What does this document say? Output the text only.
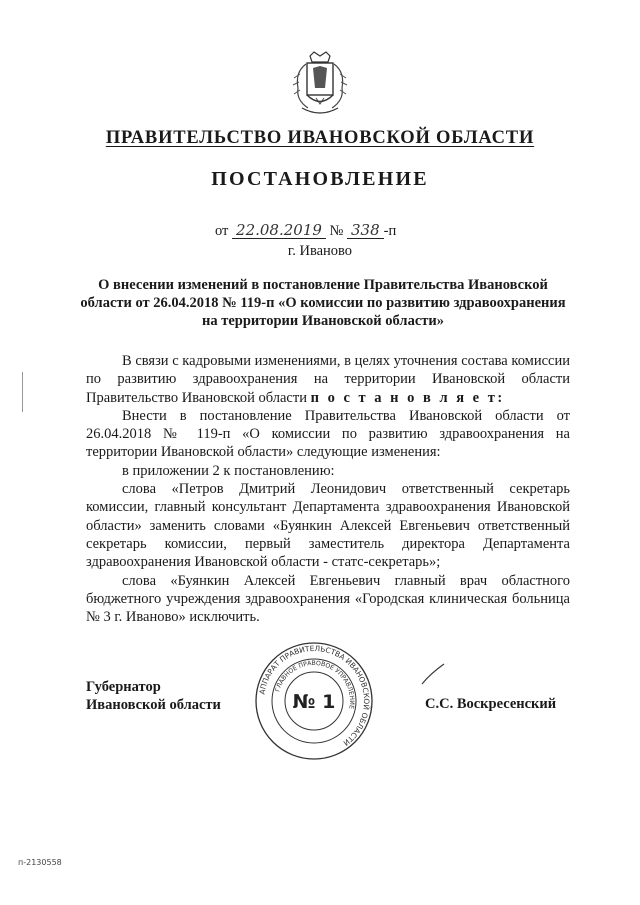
ПРАВИТЕЛЬСТВО ИВАНОВСКОЙ ОБЛАСТИ
ПОСТАНОВЛЕНИЕ
от 22.08.2019 № 338 -п
г. Иваново
О внесении изменений в постановление Правительства Ивановской области от 26.04.2018 № 119-п «О комиссии по развитию здравоохранения на территории Ивановской области»

В связи с кадровыми изменениями, в целях уточнения состава комиссии по развитию здравоохранения на территории Ивановской области Правительство Ивановской области п о с т а н о в л я е т:

Внести в постановление Правительства Ивановской области от 26.04.2018 № 119-п «О комиссии по развитию здравоохранения на территории Ивановской области» следующие изменения:

в приложении 2 к постановлению:

слова «Петров Дмитрий Леонидович ответственный секретарь комиссии, главный консультант Департамента здравоохранения Ивановской области» заменить словами «Буянкин Алексей Евгеньевич ответственный секретарь комиссии, первый заместитель директора Департамента здравоохранения Ивановской области - статс-секретарь»;

слова «Буянкин Алексей Евгеньевич главный врач областного бюджетного учреждения здравоохранения «Городская клиническая больница № 3 г. Иваново» исключить.

Губернатор
Ивановской области
АППАРАТ ПРАВИТЕЛЬСТВА ИВАНОВСКОЙ ОБЛАСТИ
ГЛАВНОЕ ПРАВОВОЕ УПРАВЛЕНИЕ
№ 1	С.С. Воскресенский
п-2130558
